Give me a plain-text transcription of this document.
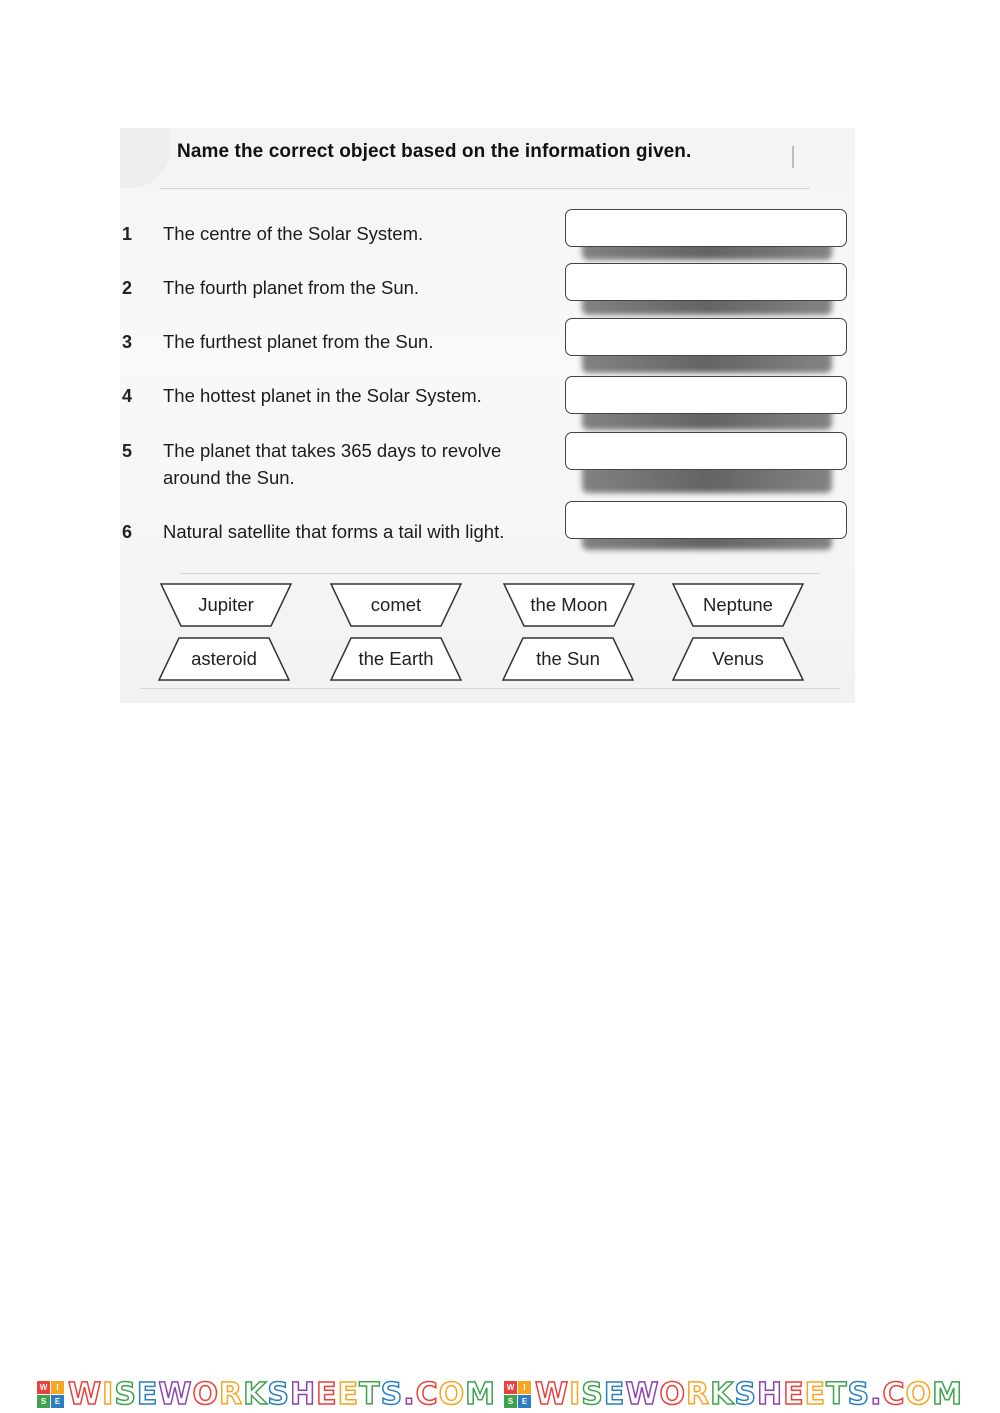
Name the correct object based on the information given.
1 The centre of the Solar System.
2 The fourth planet from the Sun.
3 The furthest planet from the Sun.
4 The hottest planet in the Solar System.
5 The planet that takes 365 days to revolve around the Sun.
6 Natural satellite that forms a tail with light.
Jupiter	comet	the Moon	Neptune
asteroid	the Earth	the Sun	Venus
W	I
S	E WISEWORKSHEETS.COM	W	I
S	E WISEWORKSHEETS.COM
